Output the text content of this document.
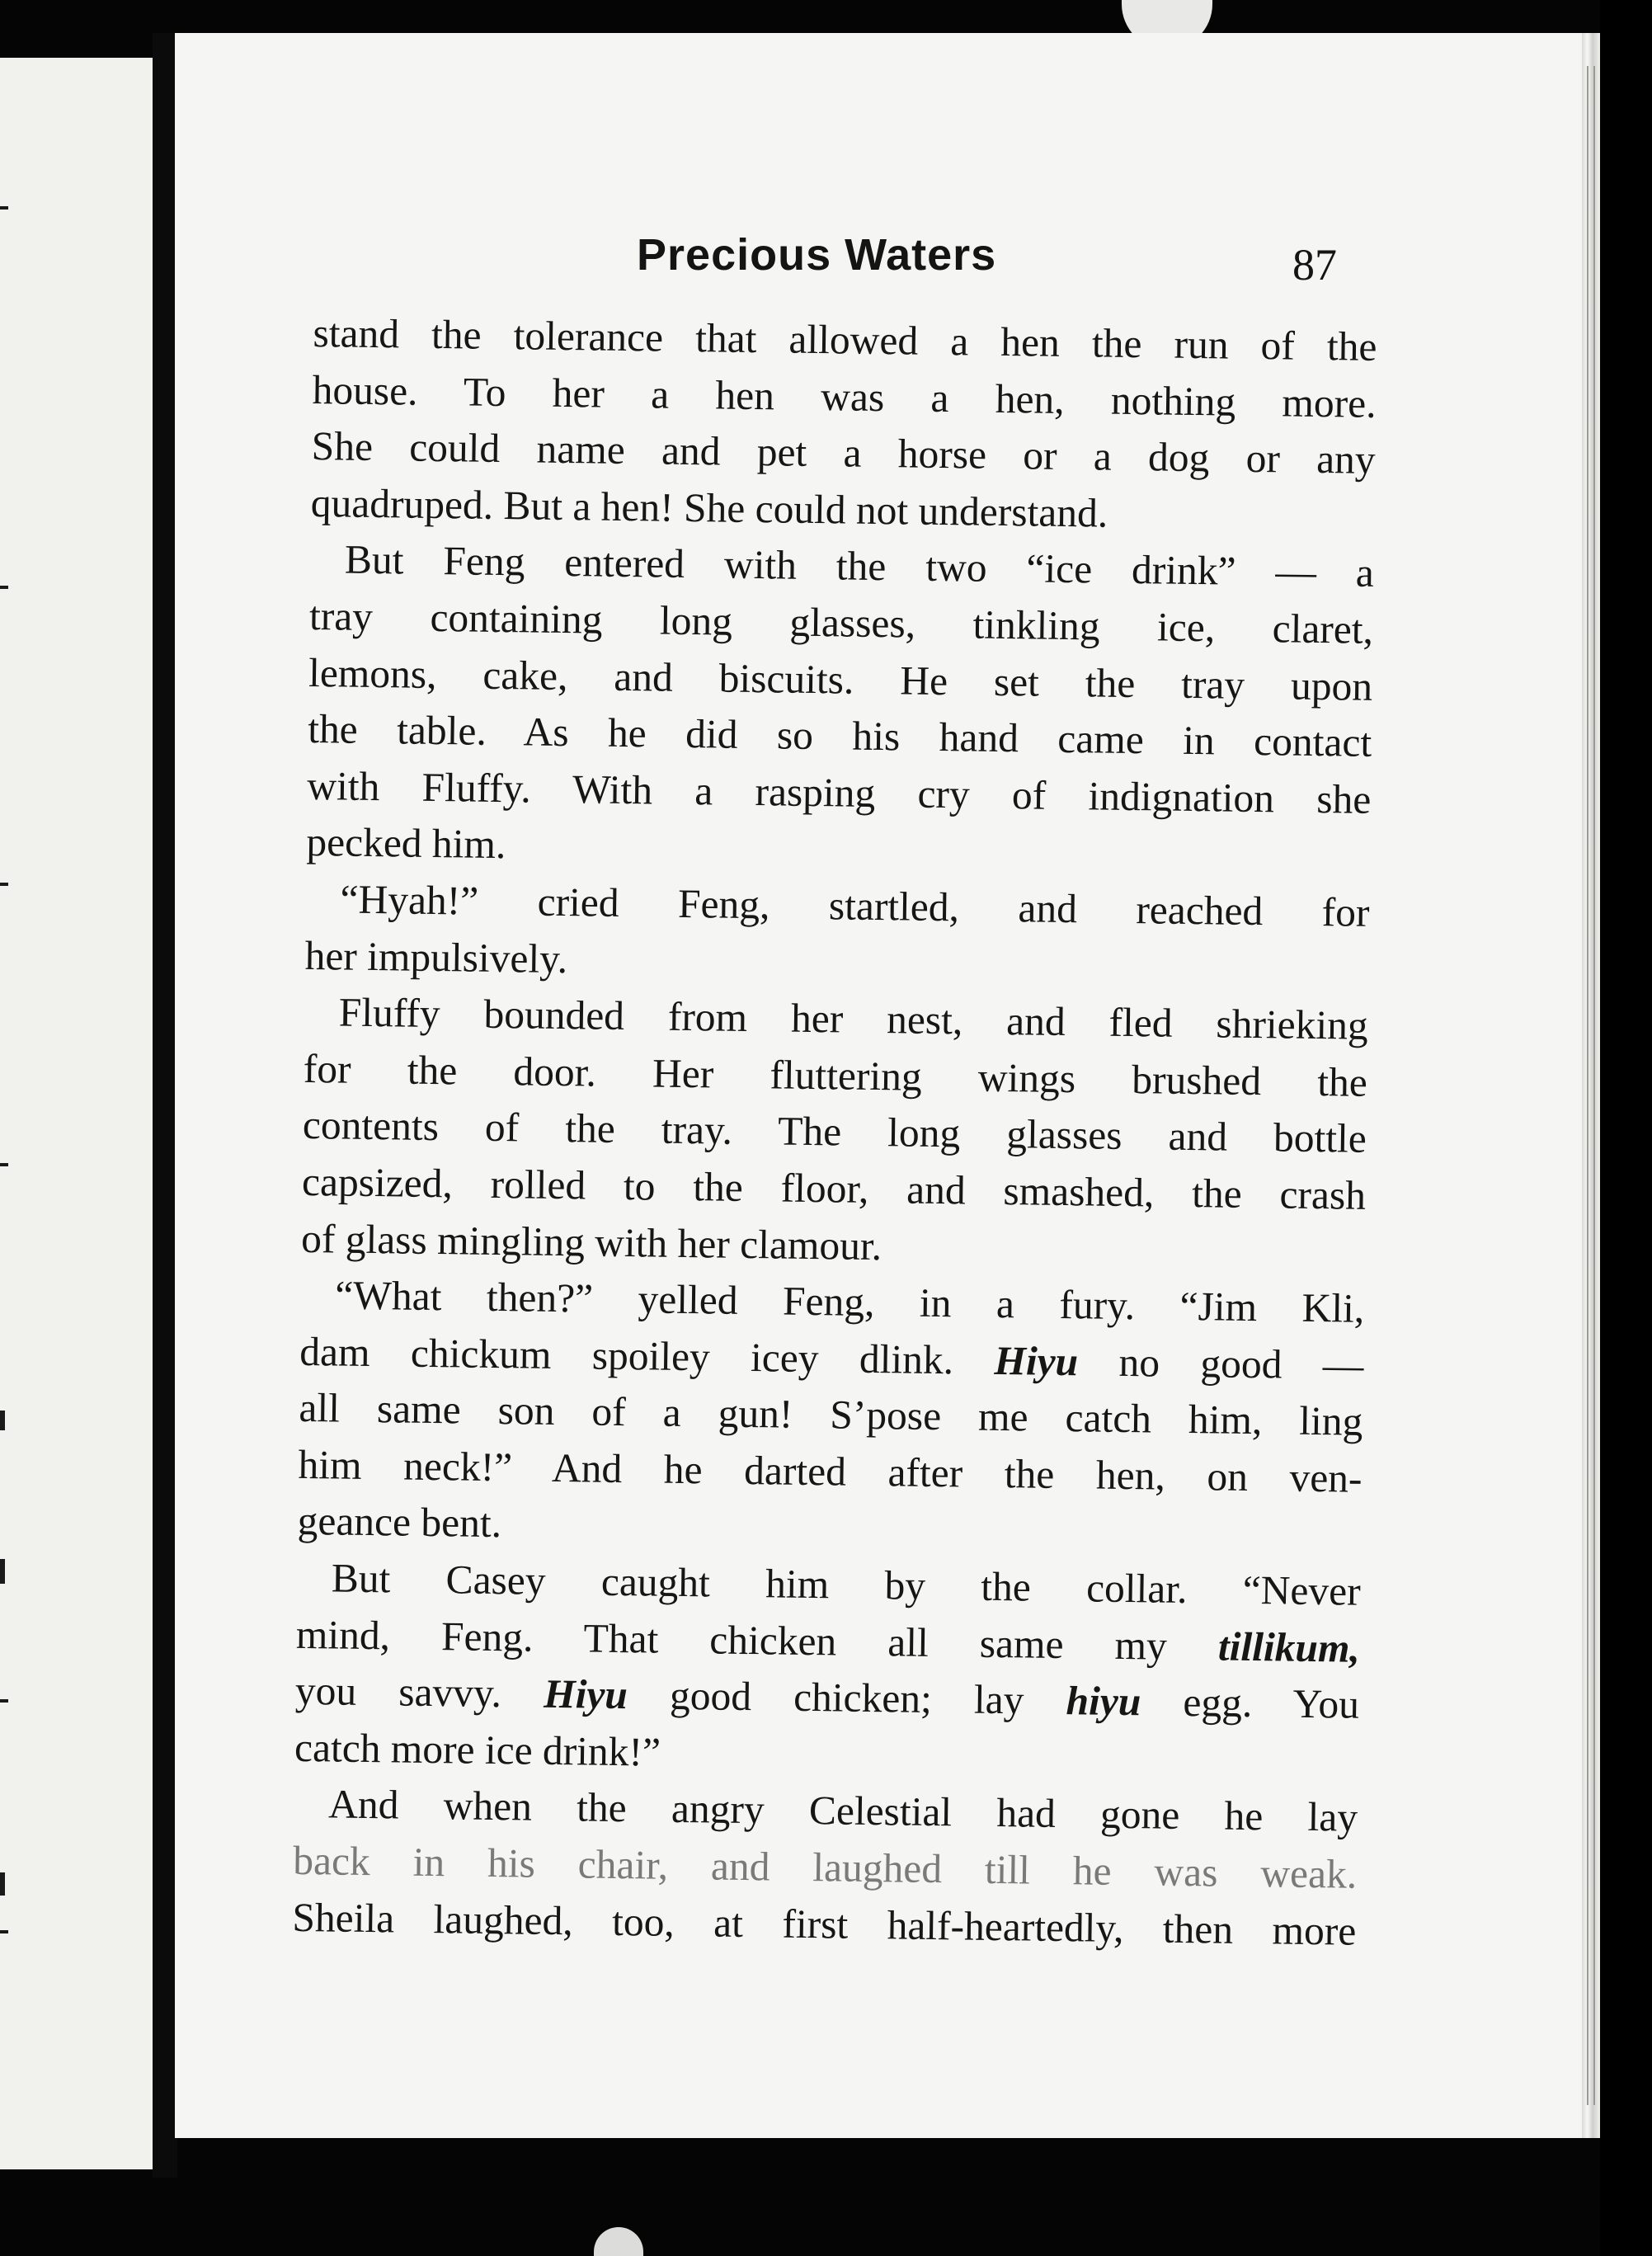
Precious Waters	87
stand the tolerance that allowed a hen the run of the
house. To her a hen was a hen, nothing more.
She could name and pet a horse or a dog or any
quadruped. But a hen! She could not understand.
But Feng entered with the two “ice drink” — a
tray containing long glasses, tinkling ice, claret,
lemons, cake, and biscuits. He set the tray upon
the table. As he did so his hand came in contact
with Fluffy. With a rasping cry of indignation she
pecked him.
“Hyah!” cried Feng, startled, and reached for
her impulsively.
Fluffy bounded from her nest, and fled shrieking
for the door. Her fluttering wings brushed the
contents of the tray. The long glasses and bottle
capsized, rolled to the floor, and smashed, the crash
of glass mingling with her clamour.
“What then?” yelled Feng, in a fury. “Jim Kli,
dam chickum spoiley icey dlink. Hiyu no good —
all same son of a gun! S’pose me catch him, ling
him neck!” And he darted after the hen, on ven-
geance bent.
But Casey caught him by the collar. “Never
mind, Feng. That chicken all same my tillikum,
you savvy. Hiyu good chicken; lay hiyu egg. You
catch more ice drink!”
And when the angry Celestial had gone he lay
back in his chair, and laughed till he was weak.
Sheila laughed, too, at first half-heartedly, then more
